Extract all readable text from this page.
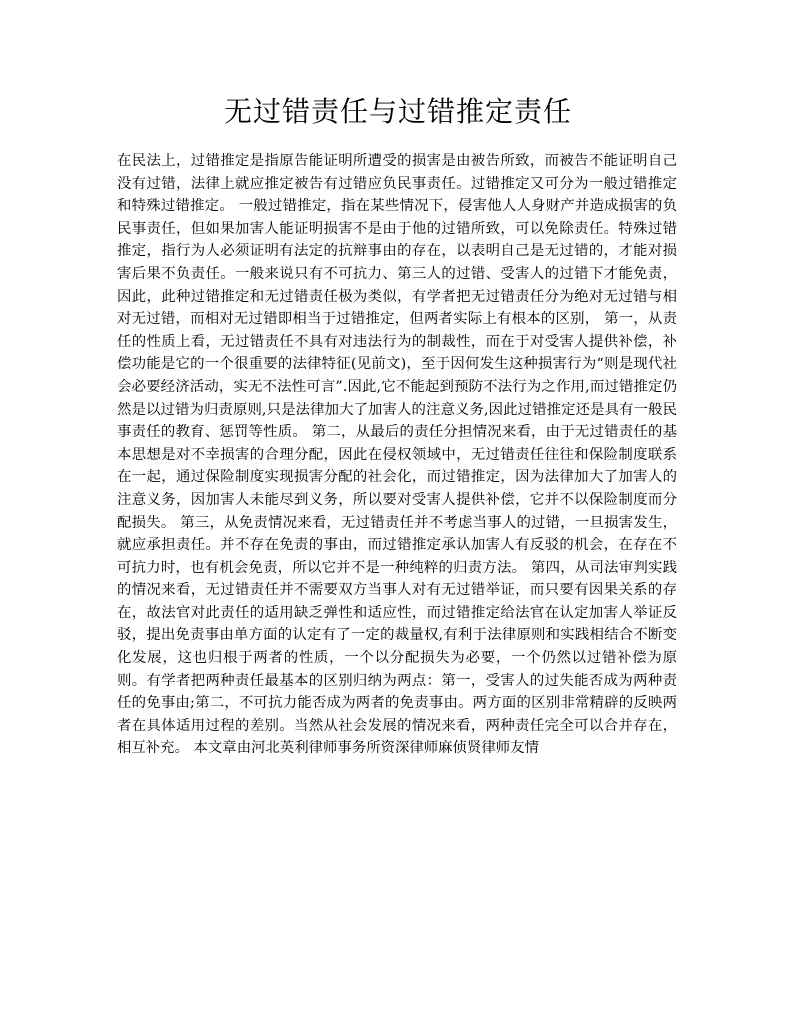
无过错责任与过错推定责任

在民法上，过错推定是指原告能证明所遭受的损害是由被告所致，而被告不能证明自己没有过错，法律上就应推定被告有过错应负民事责任。过错推定又可分为一般过错推定和特殊过错推定。 一般过错推定，指在某些情况下，侵害他人人身财产并造成损害的负民事责任，但如果加害人能证明损害不是由于他的过错所致，可以免除责任。特殊过错推定，指行为人必须证明有法定的抗辩事由的存在，以表明自己是无过错的，才能对损害后果不负责任。一般来说只有不可抗力、第三人的过错、受害人的过错下才能免责，因此，此种过错推定和无过错责任极为类似，有学者把无过错责任分为绝对无过错与相对无过错，而相对无过错即相当于过错推定，但两者实际上有根本的区别， 第一，从责任的性质上看，无过错责任不具有对违法行为的制裁性，而在于对受害人提供补偿，补偿功能是它的一个很重要的法律特征(见前文)，至于因何发生这种损害行为“则是现代社会必要经济活动，实无不法性可言”.因此,它不能起到预防不法行为之作用,而过错推定仍然是以过错为归责原则,只是法律加大了加害人的注意义务,因此过错推定还是具有一般民事责任的教育、惩罚等性质。 第二，从最后的责任分担情况来看，由于无过错责任的基本思想是对不幸损害的合理分配，因此在侵权领域中，无过错责任往往和保险制度联系在一起，通过保险制度实现损害分配的社会化，而过错推定，因为法律加大了加害人的注意义务，因加害人未能尽到义务，所以要对受害人提供补偿，它并不以保险制度而分配损失。 第三，从免责情况来看，无过错责任并不考虑当事人的过错，一旦损害发生，就应承担责任。并不存在免责的事由，而过错推定承认加害人有反驳的机会，在存在不可抗力时，也有机会免责，所以它并不是一种纯粹的归责方法。 第四，从司法审判实践的情况来看，无过错责任并不需要双方当事人对有无过错举证，而只要有因果关系的存在，故法官对此责任的适用缺乏弹性和适应性，而过错推定给法官在认定加害人举证反驳，提出免责事由单方面的认定有了一定的裁量权,有利于法律原则和实践相结合不断变化发展，这也归根于两者的性质，一个以分配损失为必要，一个仍然以过错补偿为原则。有学者把两种责任最基本的区别归纳为两点：第一，受害人的过失能否成为两种责任的免事由;第二，不可抗力能否成为两者的免责事由。两方面的区别非常精辟的反映两者在具体适用过程的差别。当然从社会发展的情况来看，两种责任完全可以合并存在，相互补充。 本文章由河北英利律师事务所资深律师麻侦贤律师友情
